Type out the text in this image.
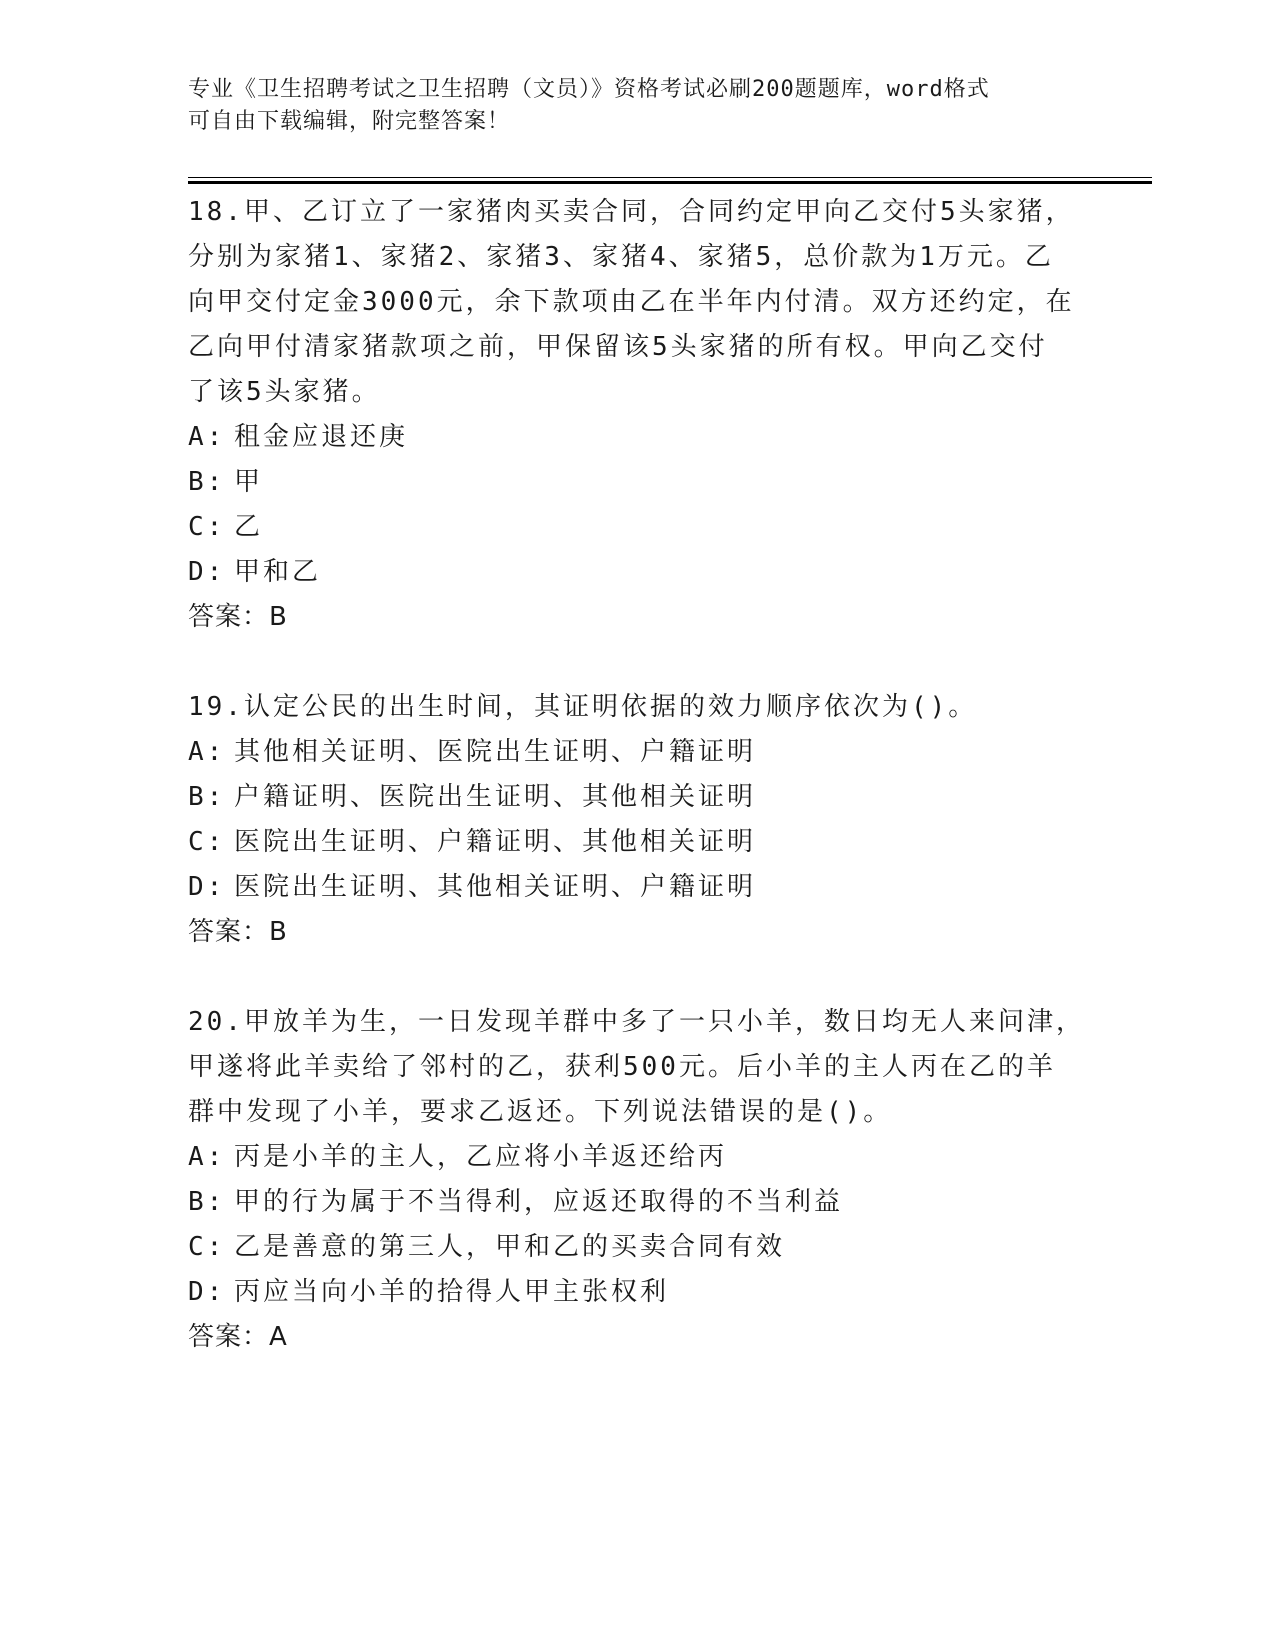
专业《卫生招聘考试之卫生招聘（文员）》资格考试必刷200题题库，word格式
可自由下载编辑，附完整答案！

18.甲、乙订立了一家猪肉买卖合同，合同约定甲向乙交付5头家猪，

分别为家猪1、家猪2、家猪3、家猪4、家猪5，总价款为1万元。乙

向甲交付定金3000元，余下款项由乙在半年内付清。双方还约定，在

乙向甲付清家猪款项之前，甲保留该5头家猪的所有权。甲向乙交付

了该5头家猪。

A: 租金应退还庚

B: 甲

C: 乙

D: 甲和乙

答案：B

19.认定公民的出生时间，其证明依据的效力顺序依次为()。

A: 其他相关证明、医院出生证明、户籍证明

B: 户籍证明、医院出生证明、其他相关证明

C: 医院出生证明、户籍证明、其他相关证明

D: 医院出生证明、其他相关证明、户籍证明

答案：B

20.甲放羊为生，一日发现羊群中多了一只小羊，数日均无人来问津，

甲遂将此羊卖给了邻村的乙，获利500元。后小羊的主人丙在乙的羊

群中发现了小羊，要求乙返还。下列说法错误的是()。

A: 丙是小羊的主人，乙应将小羊返还给丙

B: 甲的行为属于不当得利，应返还取得的不当利益

C: 乙是善意的第三人，甲和乙的买卖合同有效

D: 丙应当向小羊的拾得人甲主张权利

答案：A
